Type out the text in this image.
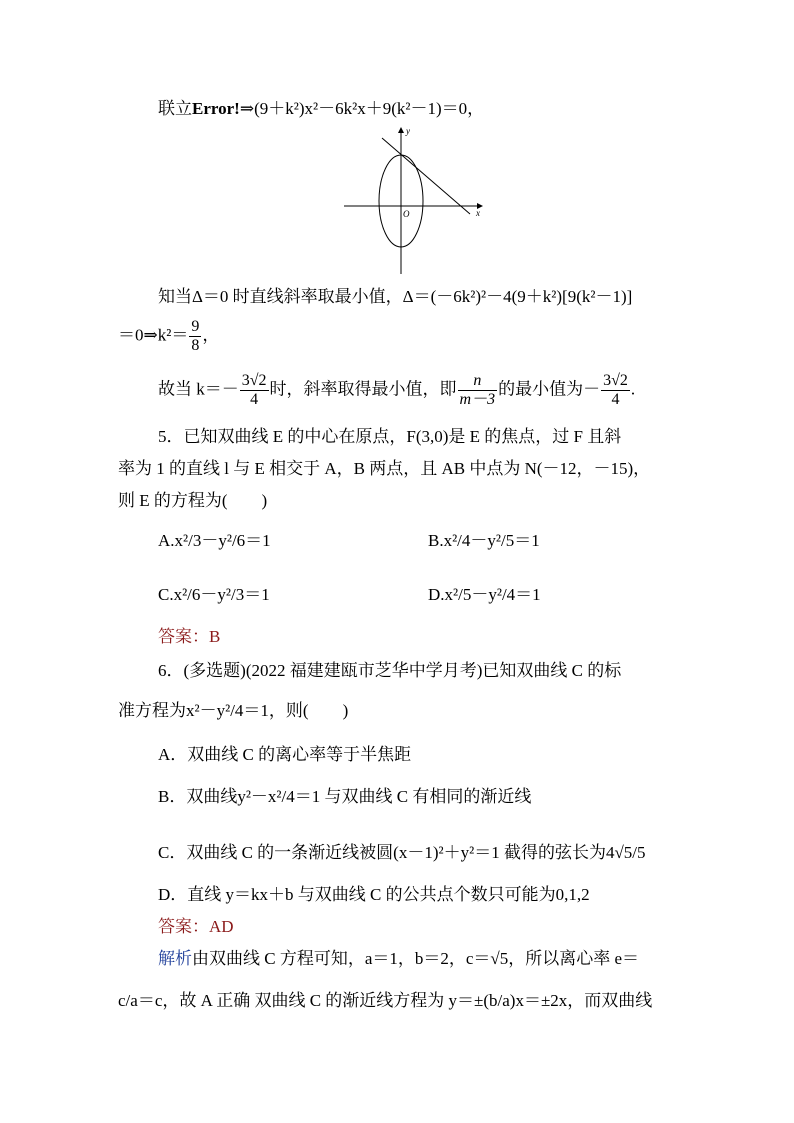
联立Error!⇒(9＋k²)x²－6k²x＋9(k²－1)＝0，
x
y
O
知当Δ＝0 时直线斜率取最小值，Δ＝(－6k²)²－4(9＋k²)[9(k²－1)]
＝0⇒k²＝ $\frac{9}{8}$ ，
故当 $k=- \frac{3√2}{4}$ 时，斜率取得最小值，即 $\frac{n}{m-3}$ 的最小值为－ $\frac{3√2}{4}$ .
5．已知双曲线 E 的中心在原点，F(3,0)是 E 的焦点，过 F 且斜
率为 1 的直线 l 与 E 相交于 A，B 两点，且 AB 中点为 N(－12，－15)，
则 E 的方程为(　　)
A.x²/3－y²/6＝1	B.x²/4－y²/5＝1
C.x²/6－y²/3＝1	D.x²/5－y²/4＝1
答案：B
6．(多选题)(2022 福建建瓯市芝华中学月考)已知双曲线 C 的标
准方程为x²－y²/4＝1，则(　　)
A．双曲线 C 的离心率等于半焦距
B．双曲线y²－x²/4＝1 与双曲线 C 有相同的渐近线
C．双曲线 C 的一条渐近线被圆(x－1)²＋y²＝1 截得的弦长为4√5/5
D．直线 y＝kx＋b 与双曲线 C 的公共点个数只可能为0,1,2
答案：AD
解析由双曲线 C 方程可知，a＝1，b＝2，c＝√5，所以离心率 e＝
c/a＝c，故 A 正确 双曲线 C 的渐近线方程为 y＝±(b/a)x＝±2x，而双曲线
